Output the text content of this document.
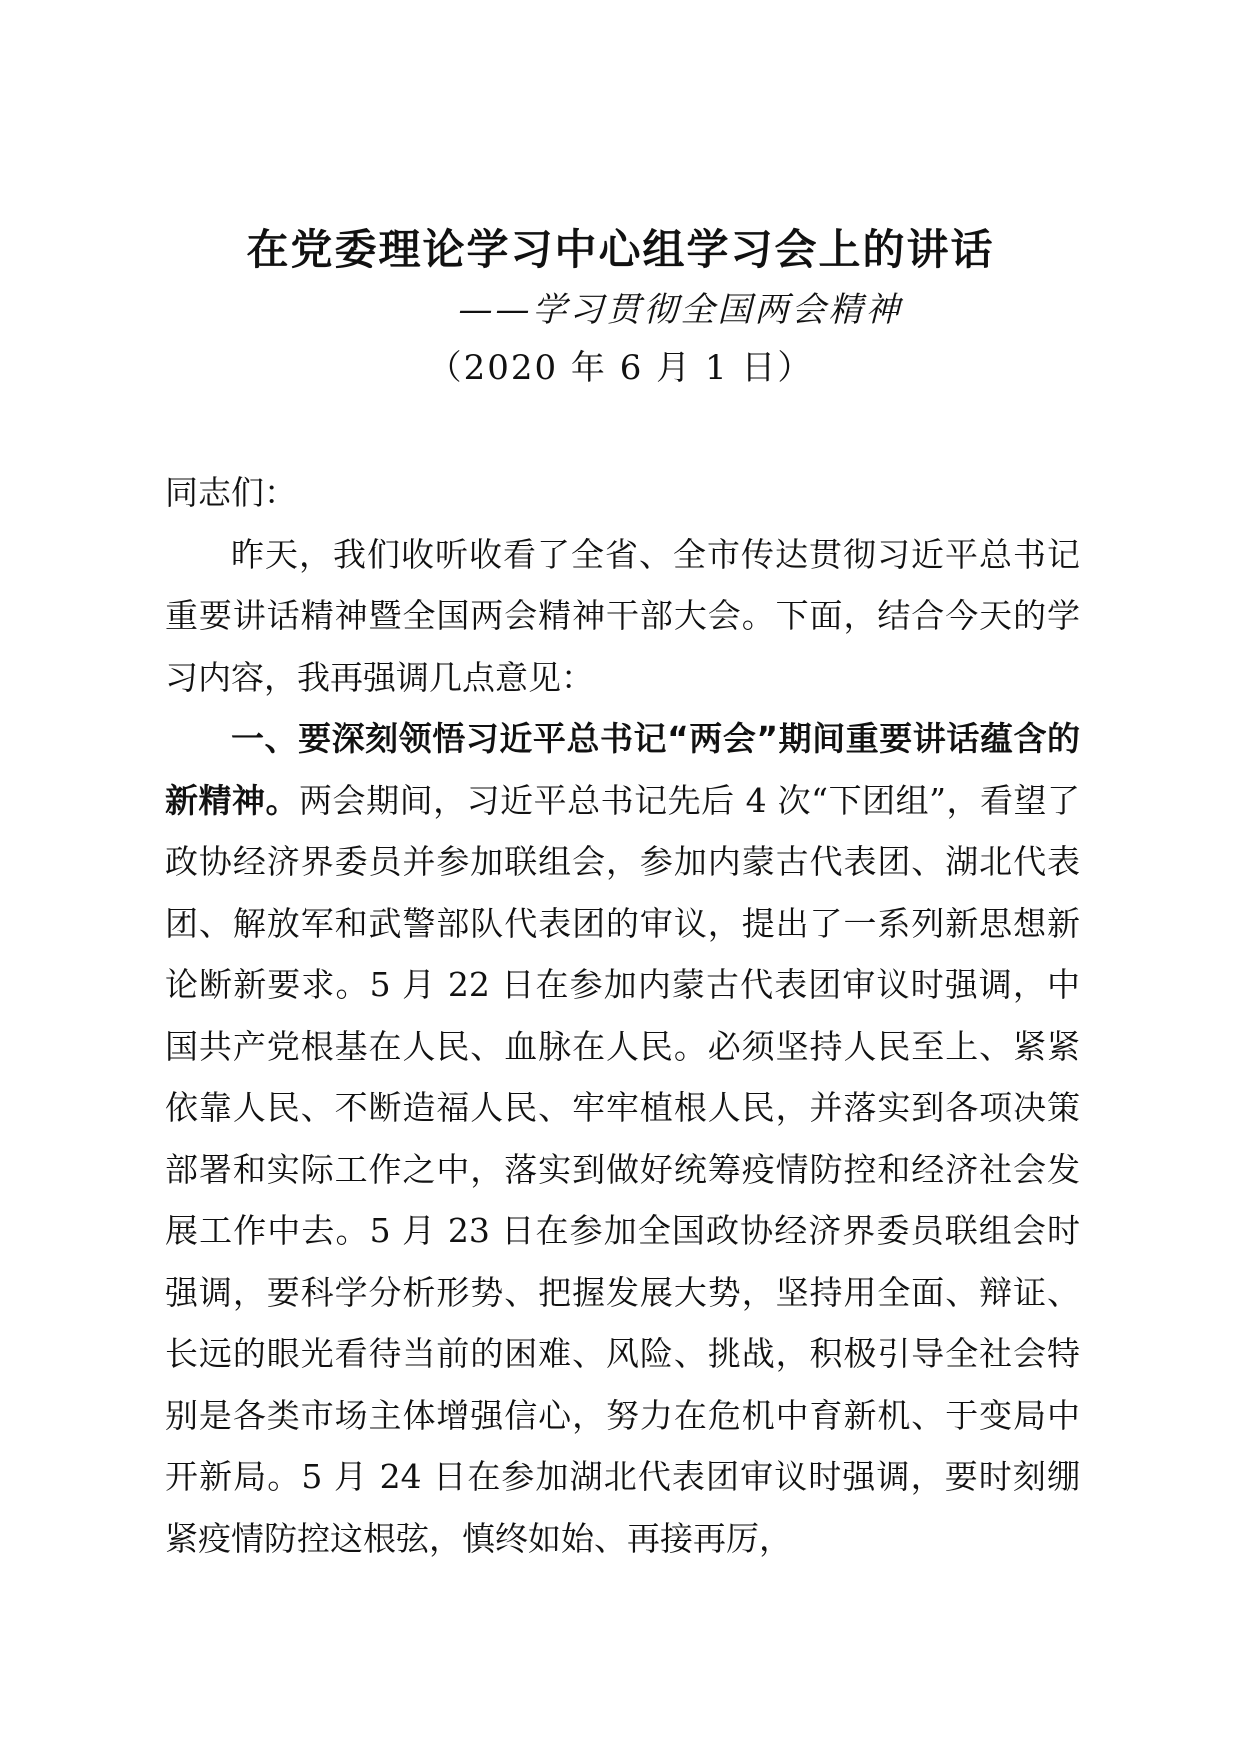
在党委理论学习中心组学习会上的讲话
——学习贯彻全国两会精神
（2020 年 6 月 1 日）

同志们：

昨天，我们收听收看了全省、全市传达贯彻习近平总书记重要讲话精神暨全国两会精神干部大会。下面，结合今天的学习内容，我再强调几点意见：

一、要深刻领悟习近平总书记“两会”期间重要讲话蕴含的新精神。两会期间，习近平总书记先后 4 次“下团组”，看望了政协经济界委员并参加联组会，参加内蒙古代表团、湖北代表团、解放军和武警部队代表团的审议，提出了一系列新思想新论断新要求。5 月 22 日在参加内蒙古代表团审议时强调，中国共产党根基在人民、血脉在人民。必须坚持人民至上、紧紧依靠人民、不断造福人民、牢牢植根人民，并落实到各项决策部署和实际工作之中，落实到做好统筹疫情防控和经济社会发展工作中去。5 月 23 日在参加全国政协经济界委员联组会时强调，要科学分析形势、把握发展大势，坚持用全面、辩证、长远的眼光看待当前的困难、风险、挑战，积极引导全社会特别是各类市场主体增强信心，努力在危机中育新机、于变局中开新局。5 月 24 日在参加湖北代表团审议时强调，要时刻绷紧疫情防控这根弦，慎终如始、再接再厉，
